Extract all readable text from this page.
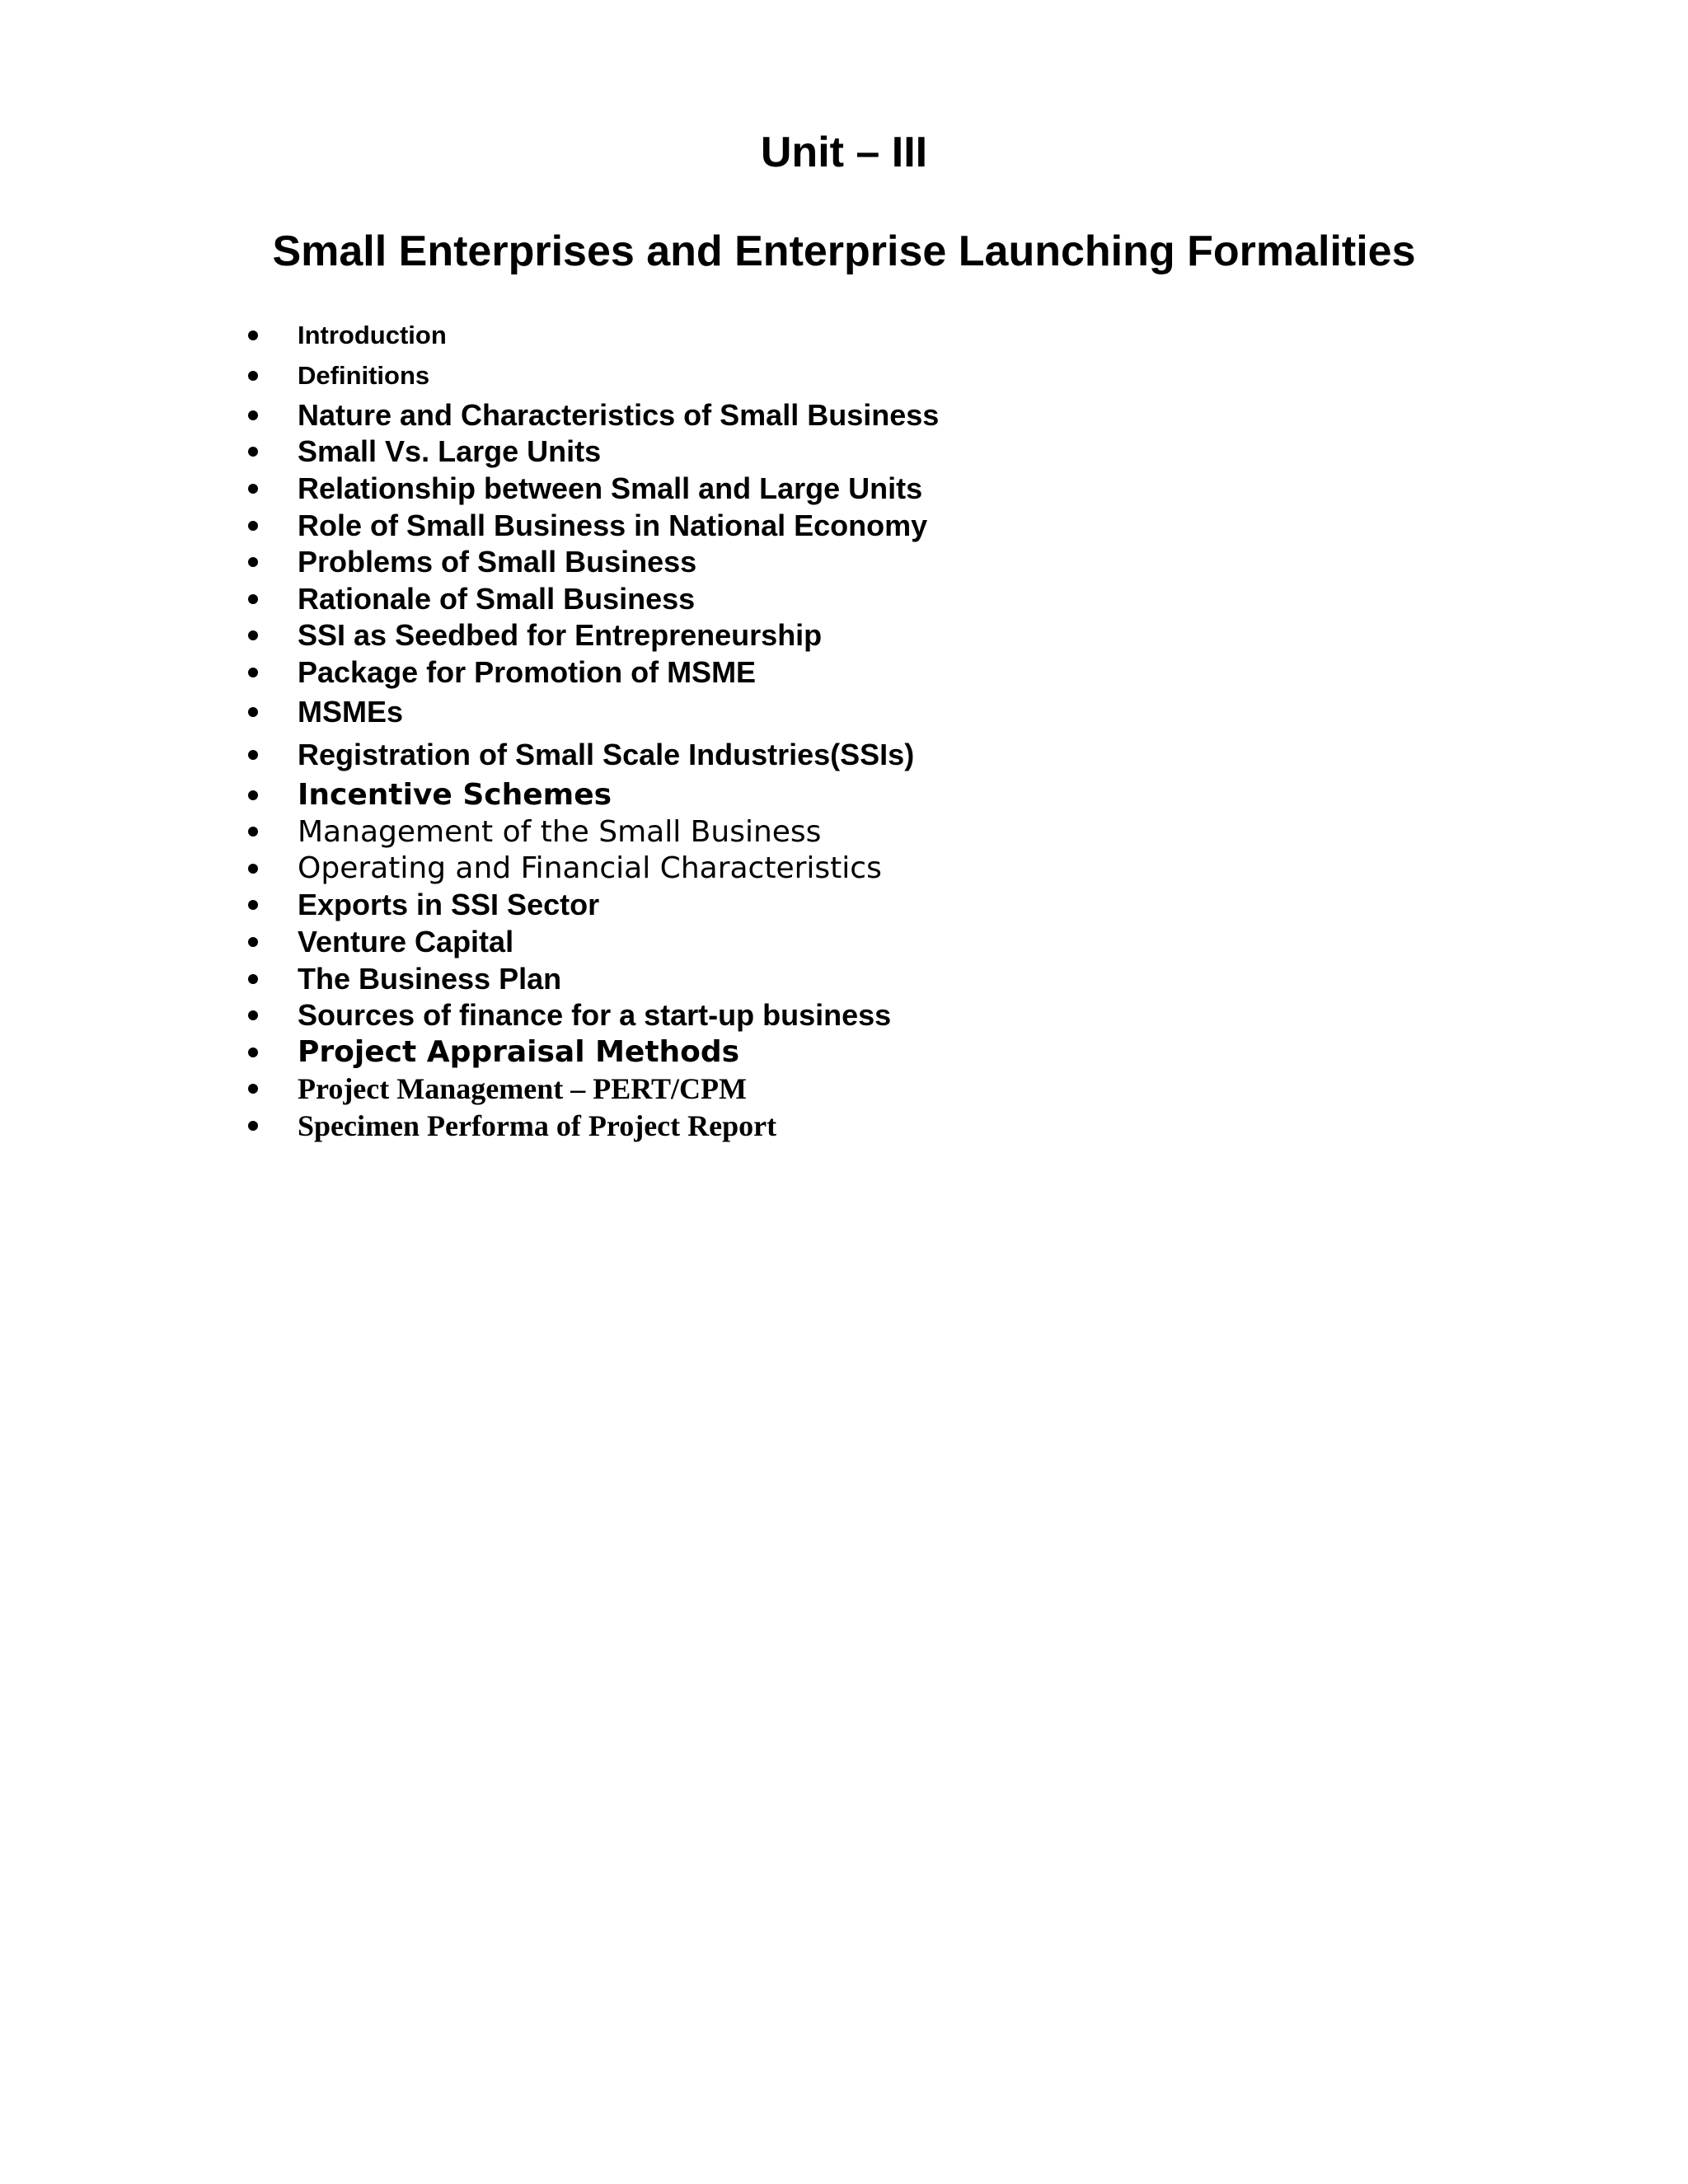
Unit – III
Small Enterprises and Enterprise Launching Formalities
Introduction
Definitions
Nature and Characteristics of Small Business
Small Vs. Large Units
Relationship between Small and Large Units
Role of Small Business in National Economy
Problems of Small Business
Rationale of Small Business
SSI as Seedbed for Entrepreneurship
Package for Promotion of MSME
MSMEs
Registration of Small Scale Industries(SSIs)
Incentive Schemes
Management of the Small Business
Operating and Financial Characteristics
Exports in SSI Sector
Venture Capital
The Business Plan
Sources of finance for a start-up business
Project Appraisal Methods
Project Management – PERT/CPM
Specimen Performa of Project Report
